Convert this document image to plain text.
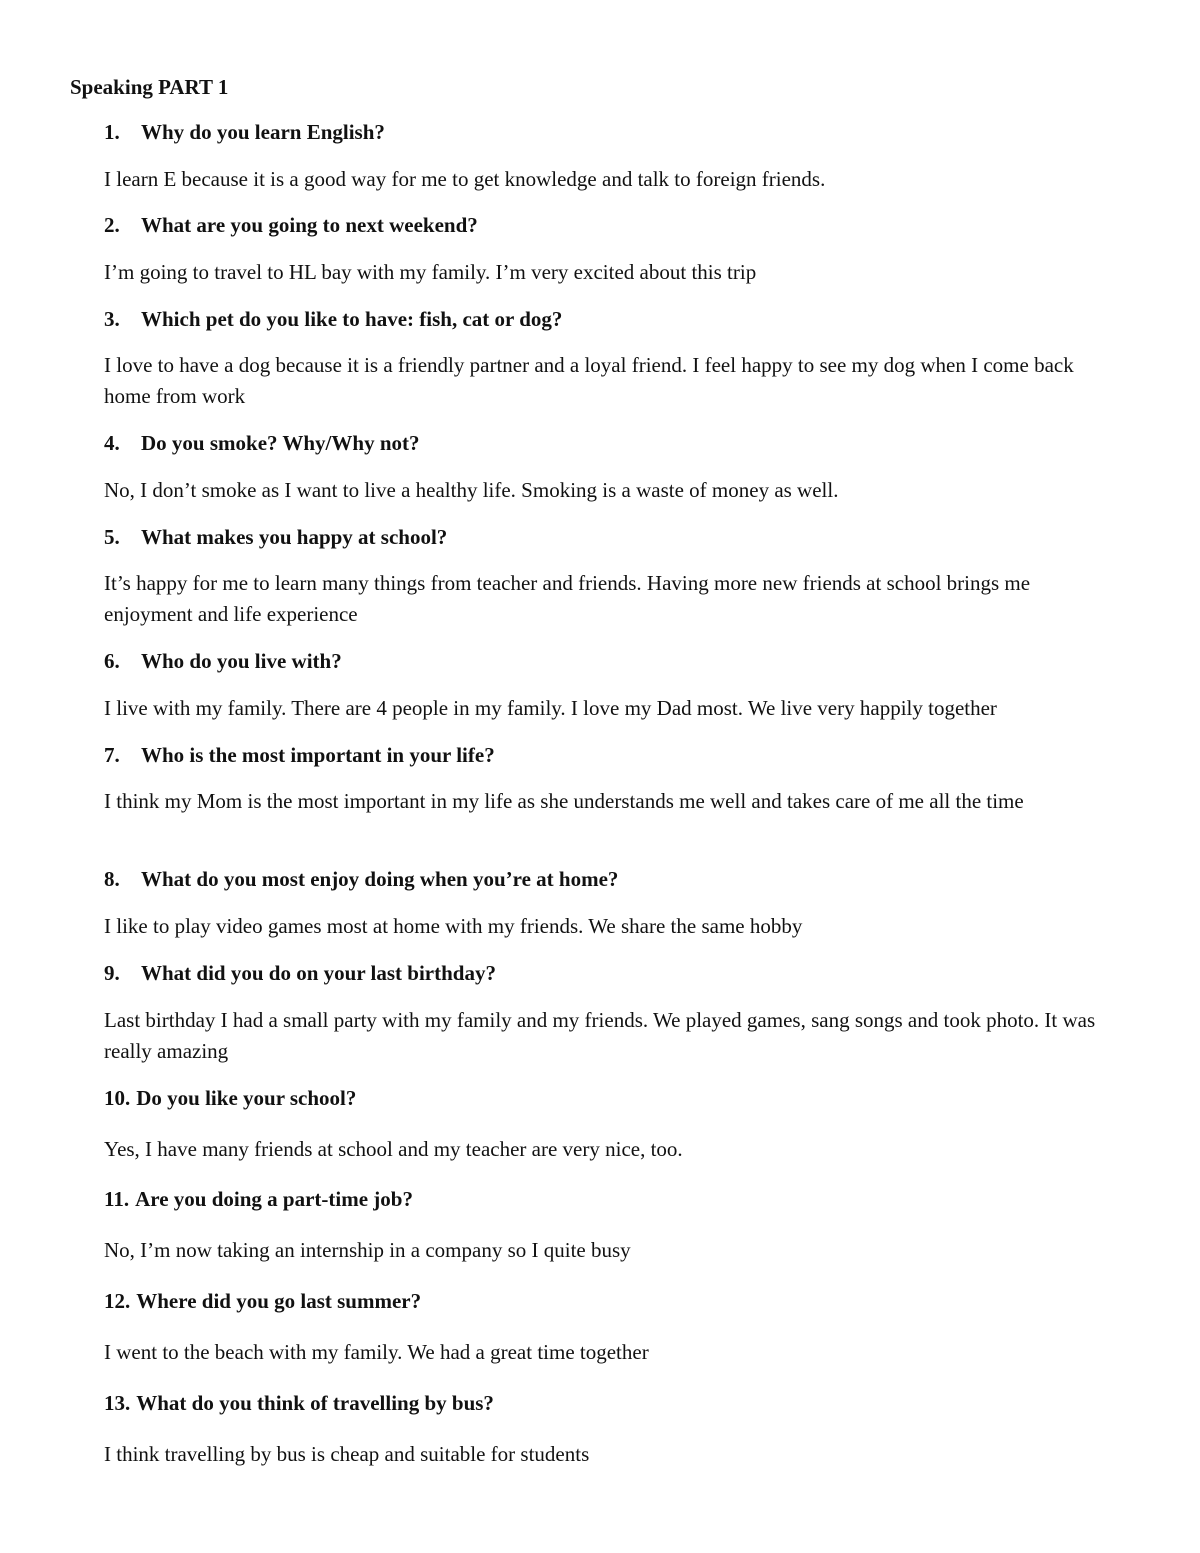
Speaking PART 1
1. Why do you learn English?
I learn E because it is a good way for me to get knowledge and talk to foreign friends.
2. What are you going to next weekend?
I’m going to travel to HL bay with my family. I’m very excited about this trip
3. Which pet do you like to have: fish, cat or dog?
I love to have a dog because it is a friendly partner and a loyal friend. I feel happy to see my dog when I come back home from work
4. Do you smoke? Why/Why not?
No, I don’t smoke as I want to live a healthy life. Smoking is a waste of money as well.
5. What makes you happy at school?
It’s happy for me to learn many things from teacher and friends. Having more new friends at school brings me enjoyment and life experience
6. Who do you live with?
I live with my family. There are 4 people in my family. I love my Dad most. We live very happily together
7. Who is the most important in your life?
I think my Mom is the most important in my life as she understands me well and takes care of me all the time
8. What do you most enjoy doing when you’re at home?
I like to play video games most at home with my friends. We share the same hobby
9. What did you do on your last birthday?
Last birthday I had a small party with my family and my friends. We played games, sang songs and took photo. It was really amazing
10. Do you like your school?
Yes, I have many friends at school and my teacher are very nice, too.
11. Are you doing a part-time job?
No, I’m now taking an internship in a company so I quite busy
12. Where did you go last summer?
I went to the beach with my family. We had a great time together
13. What do you think of travelling by bus?
I think travelling by bus is cheap and suitable for students
